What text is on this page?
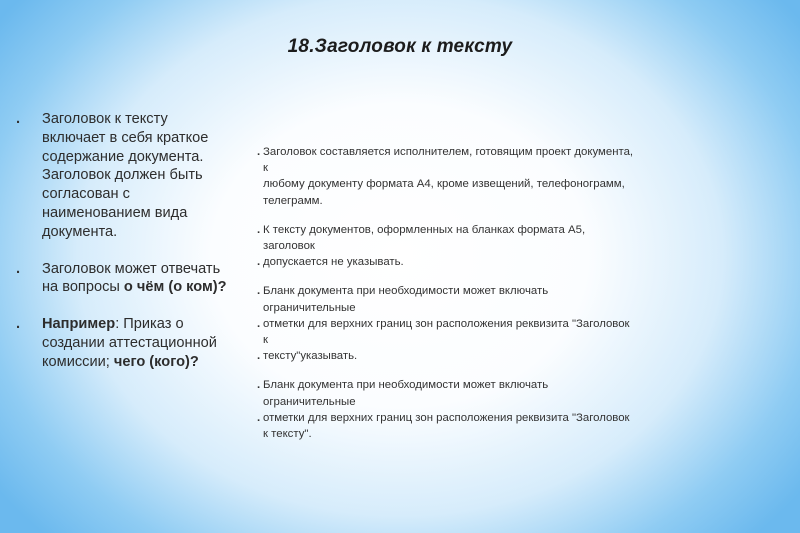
18.Заголовок к тексту
. Заголовок к тексту
включает в себя краткое
содержание документа.
Заголовок должен быть
согласован с
наименованием вида
документа.
. Заголовок может отвечать
на вопросы о чём (о ком)?
. Например: Приказ о
создании аттестационной
комиссии; чего (кого)?
. Заголовок составляется исполнителем, готовящим проект документа,
к
любому документу формата А4, кроме извещений, телефонограмм,
телеграмм.
. К тексту документов, оформленных на бланках формата А5,
заголовок
. допускается не указывать.
. Бланк документа при необходимости может включать
ограничительные
. отметки для верхних границ зон расположения реквизита "Заголовок
к
. тексту"указывать.
. Бланк документа при необходимости может включать
ограничительные
. отметки для верхних границ зон расположения реквизита "Заголовок
к тексту".
